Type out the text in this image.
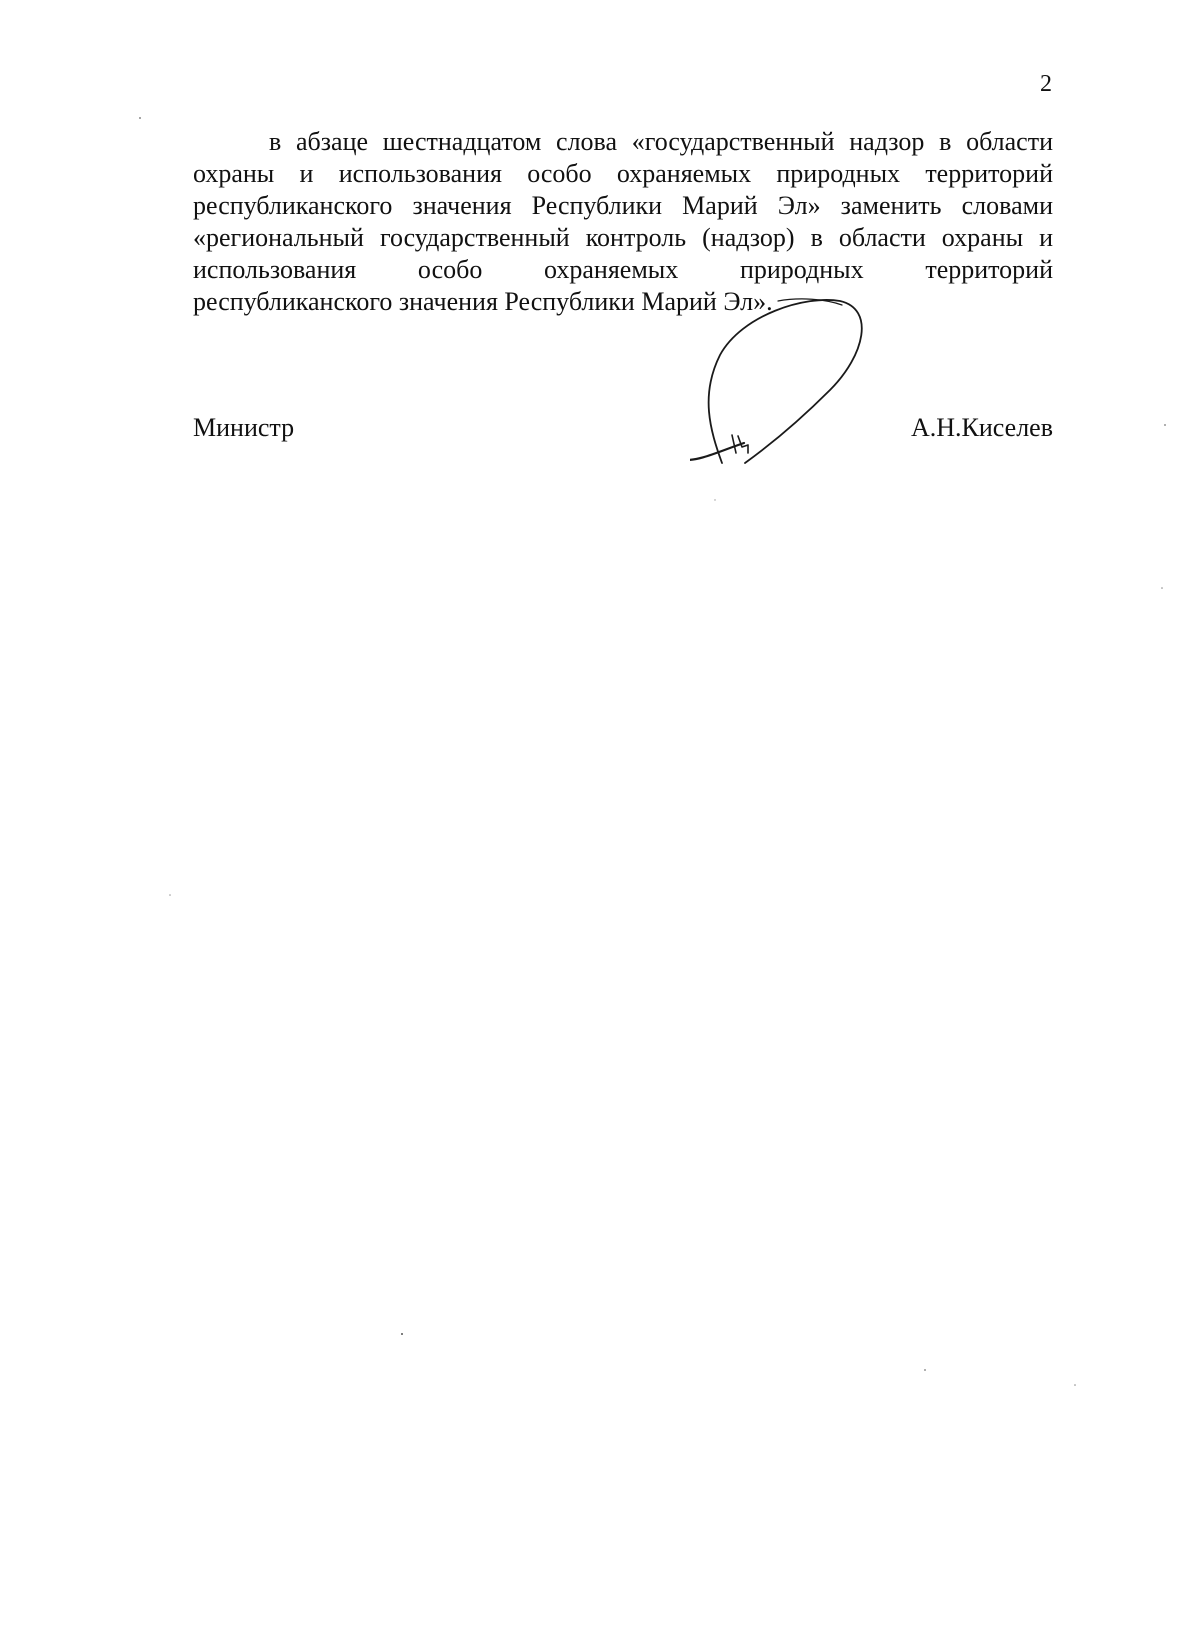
2
в абзаце шестнадцатом слова «государственный надзор в области
охраны и использования особо охраняемых природных территорий
республиканского значения Республики Марий Эл» заменить словами
«региональный государственный контроль (надзор) в области охраны и
использования особо охраняемых природных территорий
республиканского значения Республики Марий Эл».
Министр	А.Н.Киселев
